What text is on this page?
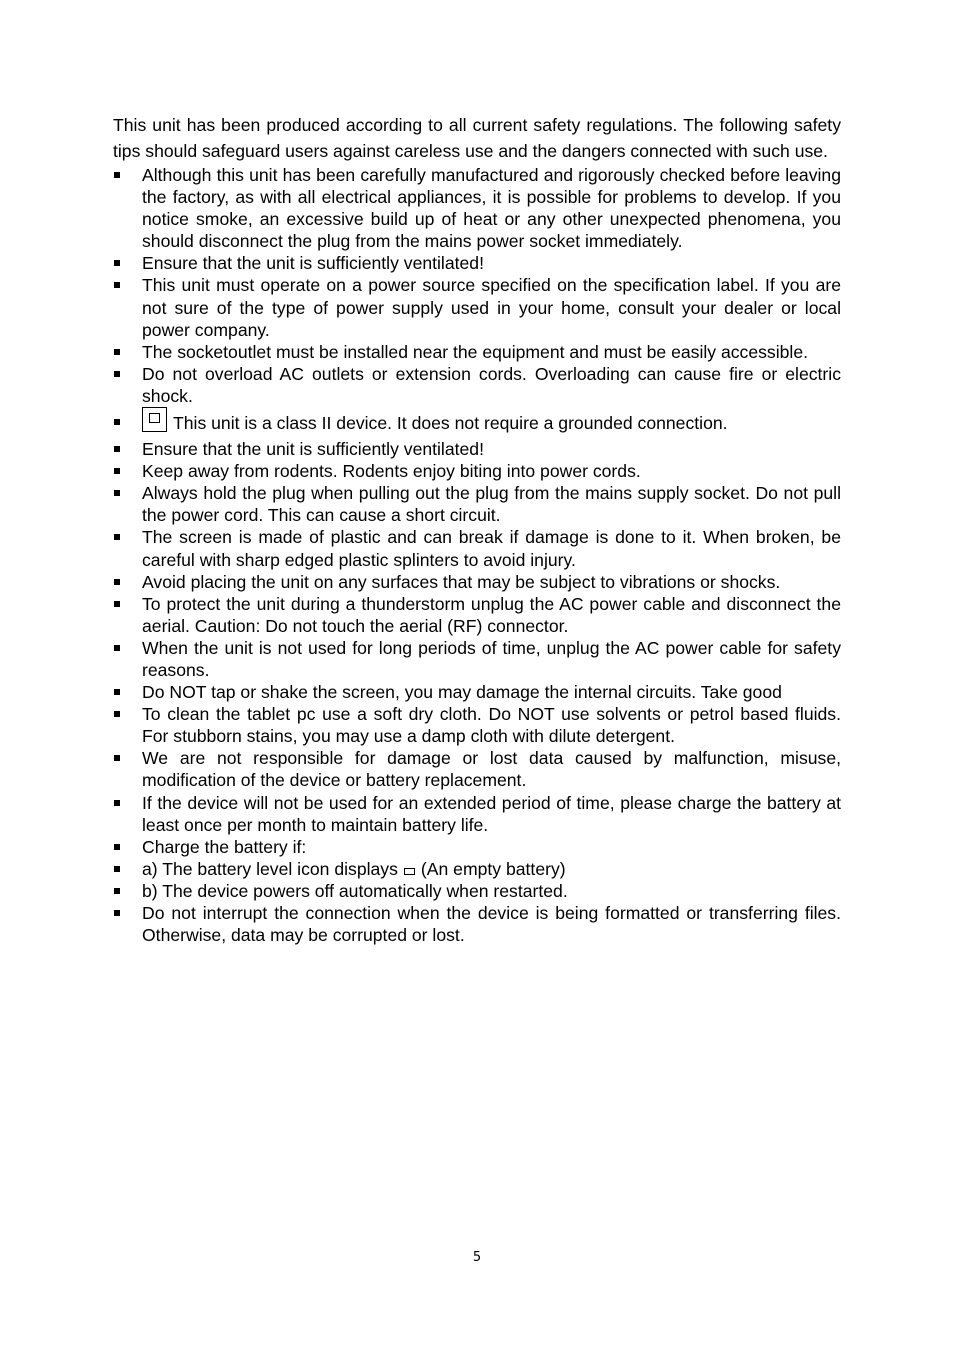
This unit has been produced according to all current safety regulations. The following safety tips should safeguard users against careless use and the dangers connected with such use.

Although this unit has been carefully manufactured and rigorously checked before leaving the factory, as with all electrical appliances, it is possible for problems to develop. If you notice smoke, an excessive build up of heat or any other unexpected phenomena, you should disconnect the plug from the mains power socket immediately.
Ensure that the unit is sufficiently ventilated!
This unit must operate on a power source specified on the specification label. If you are not sure of the type of power supply used in your home, consult your dealer or local power company.
The socketoutlet must be installed near the equipment and must be easily accessible.
Do not overload AC outlets or extension cords. Overloading can cause fire or electric shock.
This unit is a class II device. It does not require a grounded connection.
Ensure that the unit is sufficiently ventilated!
Keep away from rodents. Rodents enjoy biting into power cords.
Always hold the plug when pulling out the plug from the mains supply socket. Do not pull the power cord. This can cause a short circuit.
The screen is made of plastic and can break if damage is done to it. When broken, be careful with sharp edged plastic splinters to avoid injury.
Avoid placing the unit on any surfaces that may be subject to vibrations or shocks.
To protect the unit during a thunderstorm unplug the AC power cable and disconnect the aerial. Caution: Do not touch the aerial (RF) connector.
When the unit is not used for long periods of time, unplug the AC power cable for safety reasons.
Do NOT tap or shake the screen, you may damage the internal circuits. Take good
To clean the tablet pc use a soft dry cloth. Do NOT use solvents or petrol based fluids. For stubborn stains, you may use a damp cloth with dilute detergent.
We are not responsible for damage or lost data caused by malfunction, misuse, modification of the device or battery replacement.
If the device will not be used for an extended period of time, please charge the battery at least once per month to maintain battery life.
Charge the battery if:
a) The battery level icon displays (An empty battery)
b) The device powers off automatically when restarted.
Do not interrupt the connection when the device is being formatted or transferring files. Otherwise, data may be corrupted or lost.
5
